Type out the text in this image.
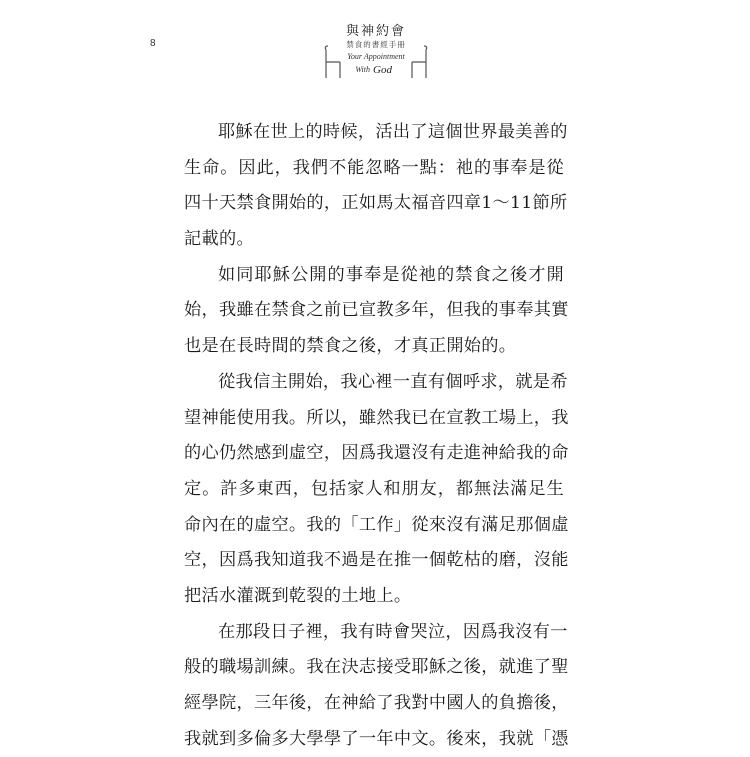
8
與神約會
禁食的書經手冊
Your Appointment
With God
耶穌在世上的時候，活出了這個世界最美善的
生命。因此，我們不能忽略一點：祂的事奉是從
四十天禁食開始的，正如馬太福音四章1～11節所
記載的。
如同耶穌公開的事奉是從祂的禁食之後才開
始，我雖在禁食之前已宣教多年，但我的事奉其實
也是在長時間的禁食之後，才真正開始的。
從我信主開始，我心裡一直有個呼求，就是希
望神能使用我。所以，雖然我已在宣教工場上，我
的心仍然感到虛空，因爲我還沒有走進神給我的命
定。許多東西，包括家人和朋友，都無法滿足生
命內在的虛空。我的「工作」從來沒有滿足那個虛
空，因爲我知道我不過是在推一個乾枯的磨，沒能
把活水灌溉到乾裂的土地上。
在那段日子裡，我有時會哭泣，因爲我沒有一
般的職場訓練。我在決志接受耶穌之後，就進了聖
經學院，三年後，在神給了我對中國人的負擔後，
我就到多倫多大學學了一年中文。後來，我就「憑
